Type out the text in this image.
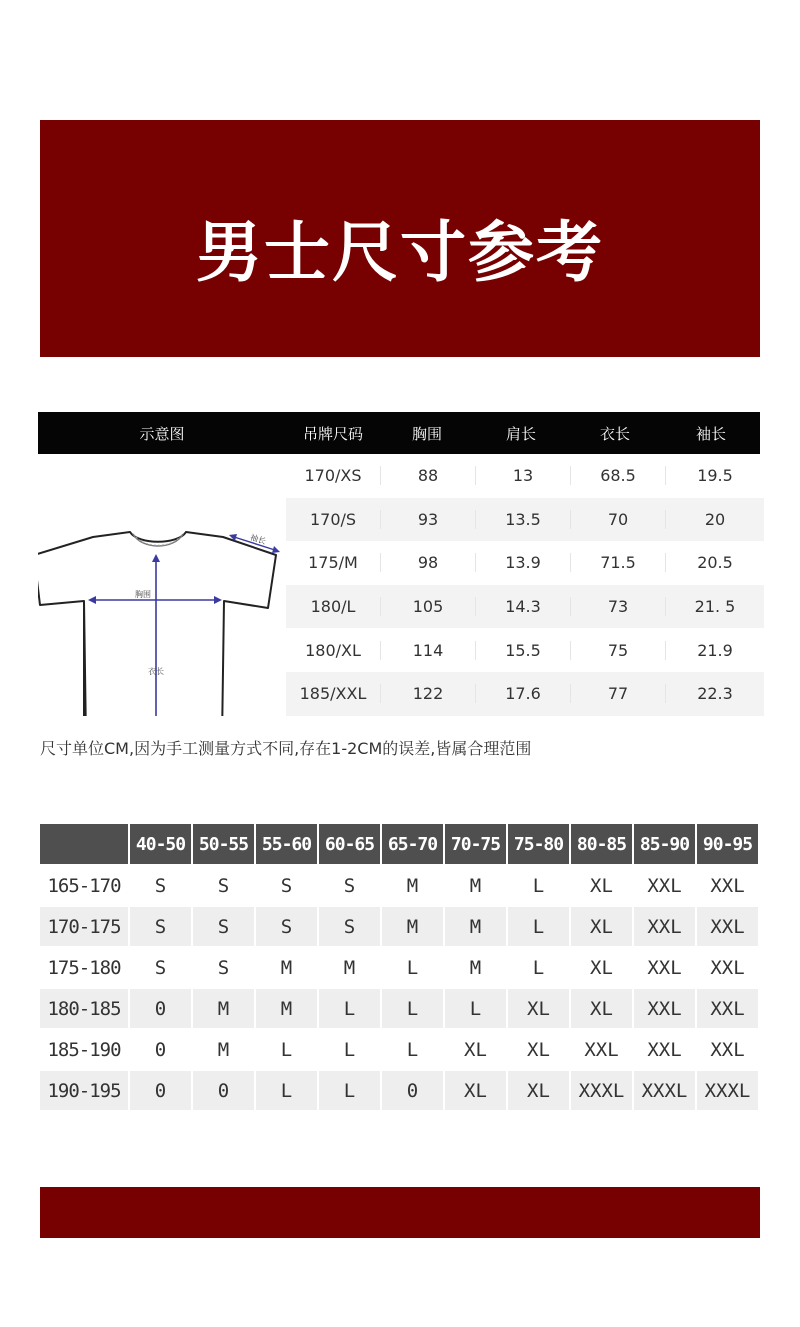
男士尺寸参考
示意图	吊牌尺码	胸围	肩长	衣长	袖长
袖长
胸围
衣长
170/XS	88	13	68.5	19.5
170/S	93	13.5	70	20
175/M	98	13.9	71.5	20.5
180/L	105	14.3	73	21. 5
180/XL	114	15.5	75	21.9
185/XXL	122	17.6	77	22.3
尺寸单位CM,因为手工测量方式不同,存在1-2CM的误差,皆属合理范围
	40-50	50-55	55-60	60-65	65-70	70-75	75-80	80-85	85-90	90-95
165-170	S	S	S	S	M	M	L	XL	XXL	XXL
170-175	S	S	S	S	M	M	L	XL	XXL	XXL
175-180	S	S	M	M	L	M	L	XL	XXL	XXL
180-185	0	M	M	L	L	L	XL	XL	XXL	XXL
185-190	0	M	L	L	L	XL	XL	XXL	XXL	XXL
190-195	0	0	L	L	0	XL	XL	XXXL	XXXL	XXXL
